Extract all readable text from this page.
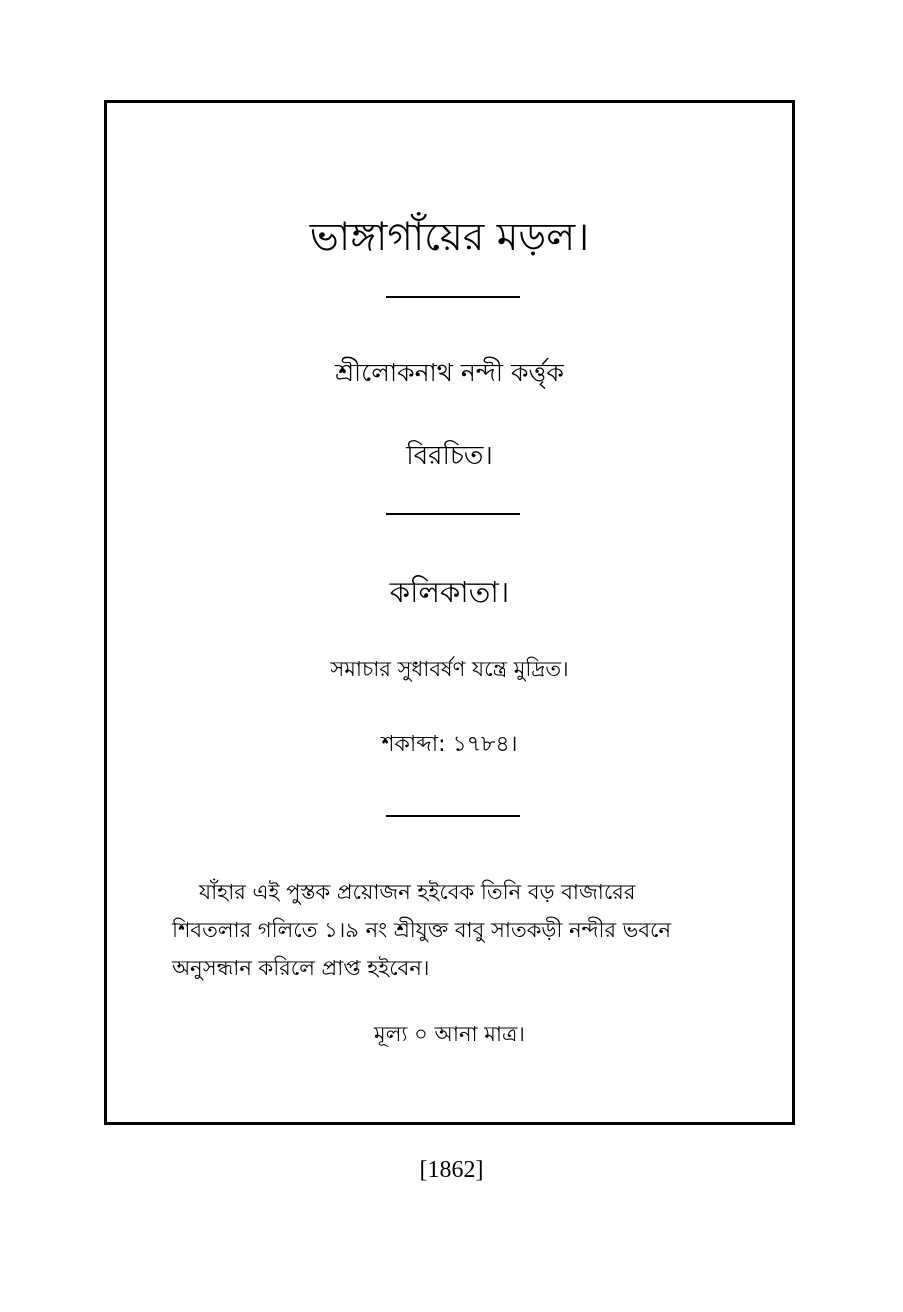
ভাঙ্গাগাঁয়ের মড়ল।
শ্রীলোকনাথ নন্দী কর্ত্তৃক
বিরচিত।
কলিকাতা।
সমাচার সুধাবর্ষণ যন্ত্রে মুদ্রিত।
শকাব্দা: ১৭৮৪।
যাঁহার এই পুস্তক প্রয়োজন হইবেক তিনি বড় বাজারের
শিবতলার গলিতে ১।৯ নং শ্রীযুক্ত বাবু সাতকড়ী নন্দীর ভবনে
অনুসন্ধান করিলে প্রাপ্ত হইবেন।
মূল্য ০ আনা মাত্র।
[1862]
